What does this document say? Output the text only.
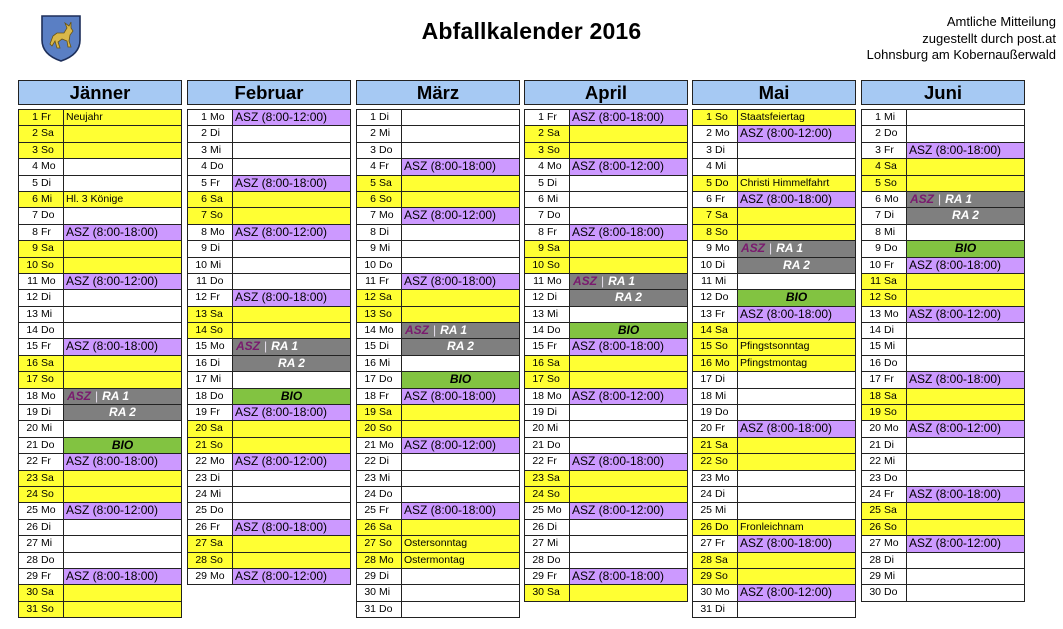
Abfallkalender 2016	Amtliche Mitteilung
zugestellt durch post.at
Lohnsburg am Kobernaußerwald
Jänner
1 Fr	Neujahr
2 Sa
3 So
4 Mo
5 Di
6 Mi	Hl. 3 Könige
7 Do
8 Fr	ASZ (8:00-18:00)
9 Sa
10 So
11 Mo ASZ (8:00-12:00)
12 Di
13 Mi
14 Do
15 Fr	ASZ (8:00-18:00)
16 Sa
17 So
18 Mo ASZ | RA 1
19 Di	RA 2
20 Mi
21 Do	BIO
22 Fr	ASZ (8:00-18:00)
23 Sa
24 So
25 Mo ASZ (8:00-12:00)
26 Di
27 Mi
28 Do
29 Fr	ASZ (8:00-18:00)
30 Sa
31 So
Februar
1 Mo ASZ (8:00-12:00)
2 Di
3 Mi
4 Do
5 Fr	ASZ (8:00-18:00)
6 Sa
7 So
8 Mo ASZ (8:00-12:00)
9 Di
10 Mi
11 Do
12 Fr	ASZ (8:00-18:00)
13 Sa
14 So
15 Mo ASZ | RA 1
16 Di	RA 2
17 Mi
18 Do	BIO
19 Fr	ASZ (8:00-18:00)
20 Sa
21 So
22 Mo ASZ (8:00-12:00)
23 Di
24 Mi
25 Do
26 Fr	ASZ (8:00-18:00)
27 Sa
28 So
29 Mo ASZ (8:00-12:00)
März
1 Di
2 Mi
3 Do
4 Fr	ASZ (8:00-18:00)
5 Sa
6 So
7 Mo ASZ (8:00-12:00)
8 Di
9 Mi
10 Do
11 Fr	ASZ (8:00-18:00)
12 Sa
13 So
14 Mo ASZ | RA 1
15 Di	RA 2
16 Mi
17 Do	BIO
18 Fr	ASZ (8:00-18:00)
19 Sa
20 So
21 Mo ASZ (8:00-12:00)
22 Di
23 Mi
24 Do
25 Fr	ASZ (8:00-18:00)
26 Sa
27 So	Ostersonntag
28 Mo Ostermontag
29 Di
30 Mi
31 Do
April
1 Fr	ASZ (8:00-18:00)
2 Sa
3 So
4 Mo ASZ (8:00-12:00)
5 Di
6 Mi
7 Do
8 Fr	ASZ (8:00-18:00)
9 Sa
10 So
11 Mo ASZ | RA 1
12 Di	RA 2
13 Mi
14 Do	BIO
15 Fr	ASZ (8:00-18:00)
16 Sa
17 So
18 Mo ASZ (8:00-12:00)
19 Di
20 Mi
21 Do
22 Fr	ASZ (8:00-18:00)
23 Sa
24 So
25 Mo ASZ (8:00-12:00)
26 Di
27 Mi
28 Do
29 Fr	ASZ (8:00-18:00)
30 Sa
Mai
1 So	Staatsfeiertag
2 Mo ASZ (8:00-12:00)
3 Di
4 Mi
5 Do	Christi Himmelfahrt
6 Fr	ASZ (8:00-18:00)
7 Sa
8 So
9 Mo ASZ | RA 1
10 Di	RA 2
11 Mi
12 Do	BIO
13 Fr	ASZ (8:00-18:00)
14 Sa
15 So	Pfingstsonntag
16 Mo Pfingstmontag
17 Di
18 Mi
19 Do
20 Fr	ASZ (8:00-18:00)
21 Sa
22 So
23 Mo
24 Di
25 Mi
26 Do	Fronleichnam
27 Fr	ASZ (8:00-18:00)
28 Sa
29 So
30 Mo ASZ (8:00-12:00)
31 Di
Juni
1 Mi
2 Do
3 Fr	ASZ (8:00-18:00)
4 Sa
5 So
6 Mo ASZ | RA 1
7 Di	RA 2
8 Mi
9 Do	BIO
10 Fr	ASZ (8:00-18:00)
11 Sa
12 So
13 Mo ASZ (8:00-12:00)
14 Di
15 Mi
16 Do
17 Fr	ASZ (8:00-18:00)
18 Sa
19 So
20 Mo ASZ (8:00-12:00)
21 Di
22 Mi
23 Do
24 Fr	ASZ (8:00-18:00)
25 Sa
26 So
27 Mo ASZ (8:00-12:00)
28 Di
29 Mi
30 Do
